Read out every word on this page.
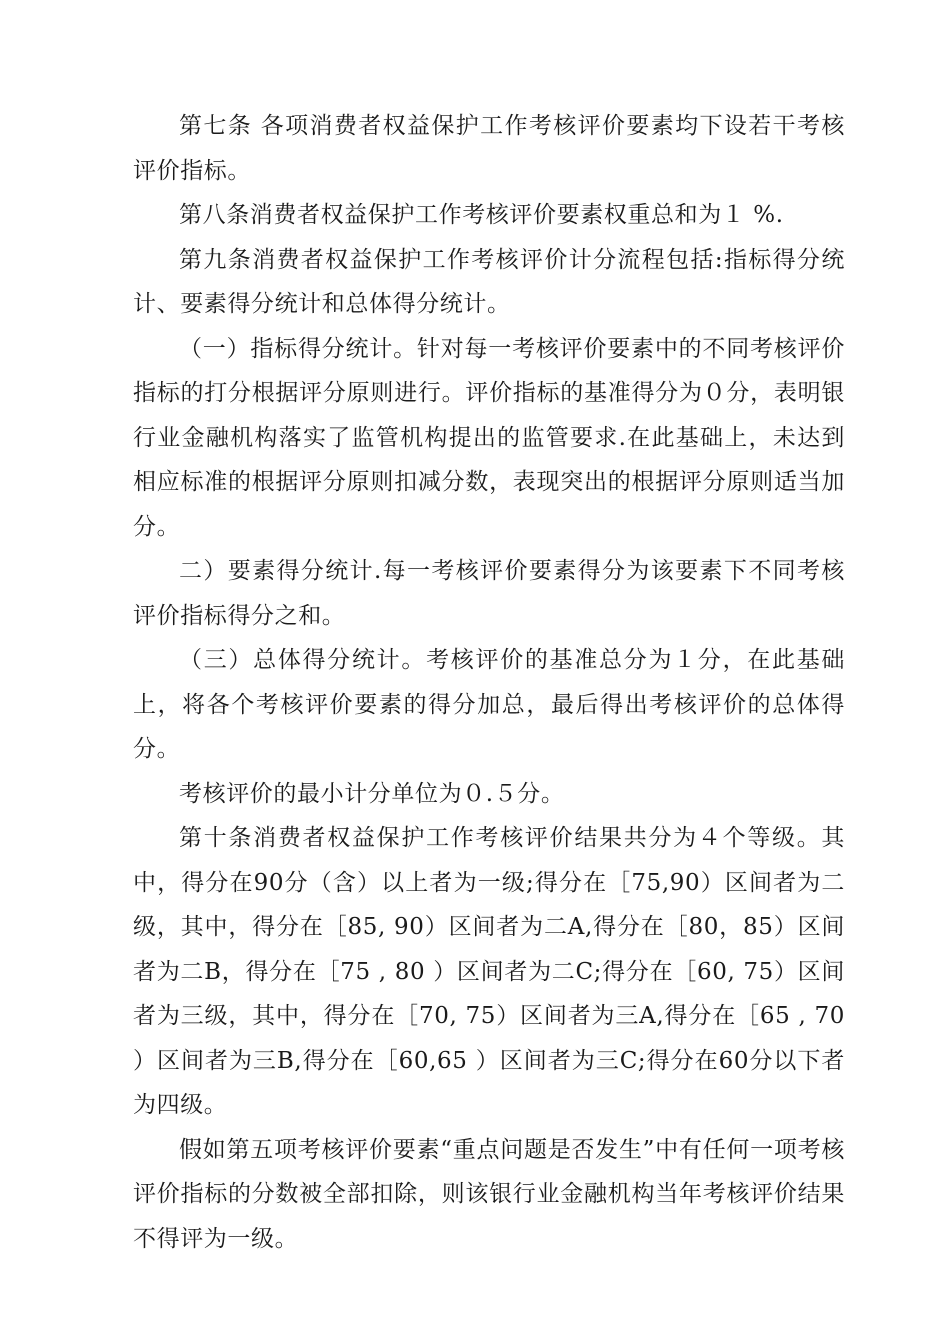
第七条 各项消费者权益保护工作考核评价要素均下设若干考核评价指标。

第八条消费者权益保护工作考核评价要素权重总和为１ %.

第九条消费者权益保护工作考核评价计分流程包括:指标得分统计、要素得分统计和总体得分统计。

（一）指标得分统计。针对每一考核评价要素中的不同考核评价指标的打分根据评分原则进行。评价指标的基准得分为０分，表明银行业金融机构落实了监管机构提出的监管要求.在此基础上，未达到相应标准的根据评分原则扣减分数，表现突出的根据评分原则适当加分。

二）要素得分统计.每一考核评价要素得分为该要素下不同考核评价指标得分之和。

（三）总体得分统计。考核评价的基准总分为１分，在此基础上，将各个考核评价要素的得分加总，最后得出考核评价的总体得分。

考核评价的最小计分单位为０.５分。

第十条消费者权益保护工作考核评价结果共分为４个等级。其中，得分在90分（含）以上者为一级;得分在［75,90）区间者为二级，其中，得分在［85, 90）区间者为二A,得分在［80，85）区间者为二B，得分在［75 , 80 ）区间者为二C;得分在［60, 75）区间者为三级，其中，得分在［70, 75）区间者为三A,得分在［65 , 70 ）区间者为三B,得分在［60,65 ）区间者为三C;得分在60分以下者为四级。

假如第五项考核评价要素“重点问题是否发生”中有任何一项考核评价指标的分数被全部扣除，则该银行业金融机构当年考核评价结果不得评为一级。
